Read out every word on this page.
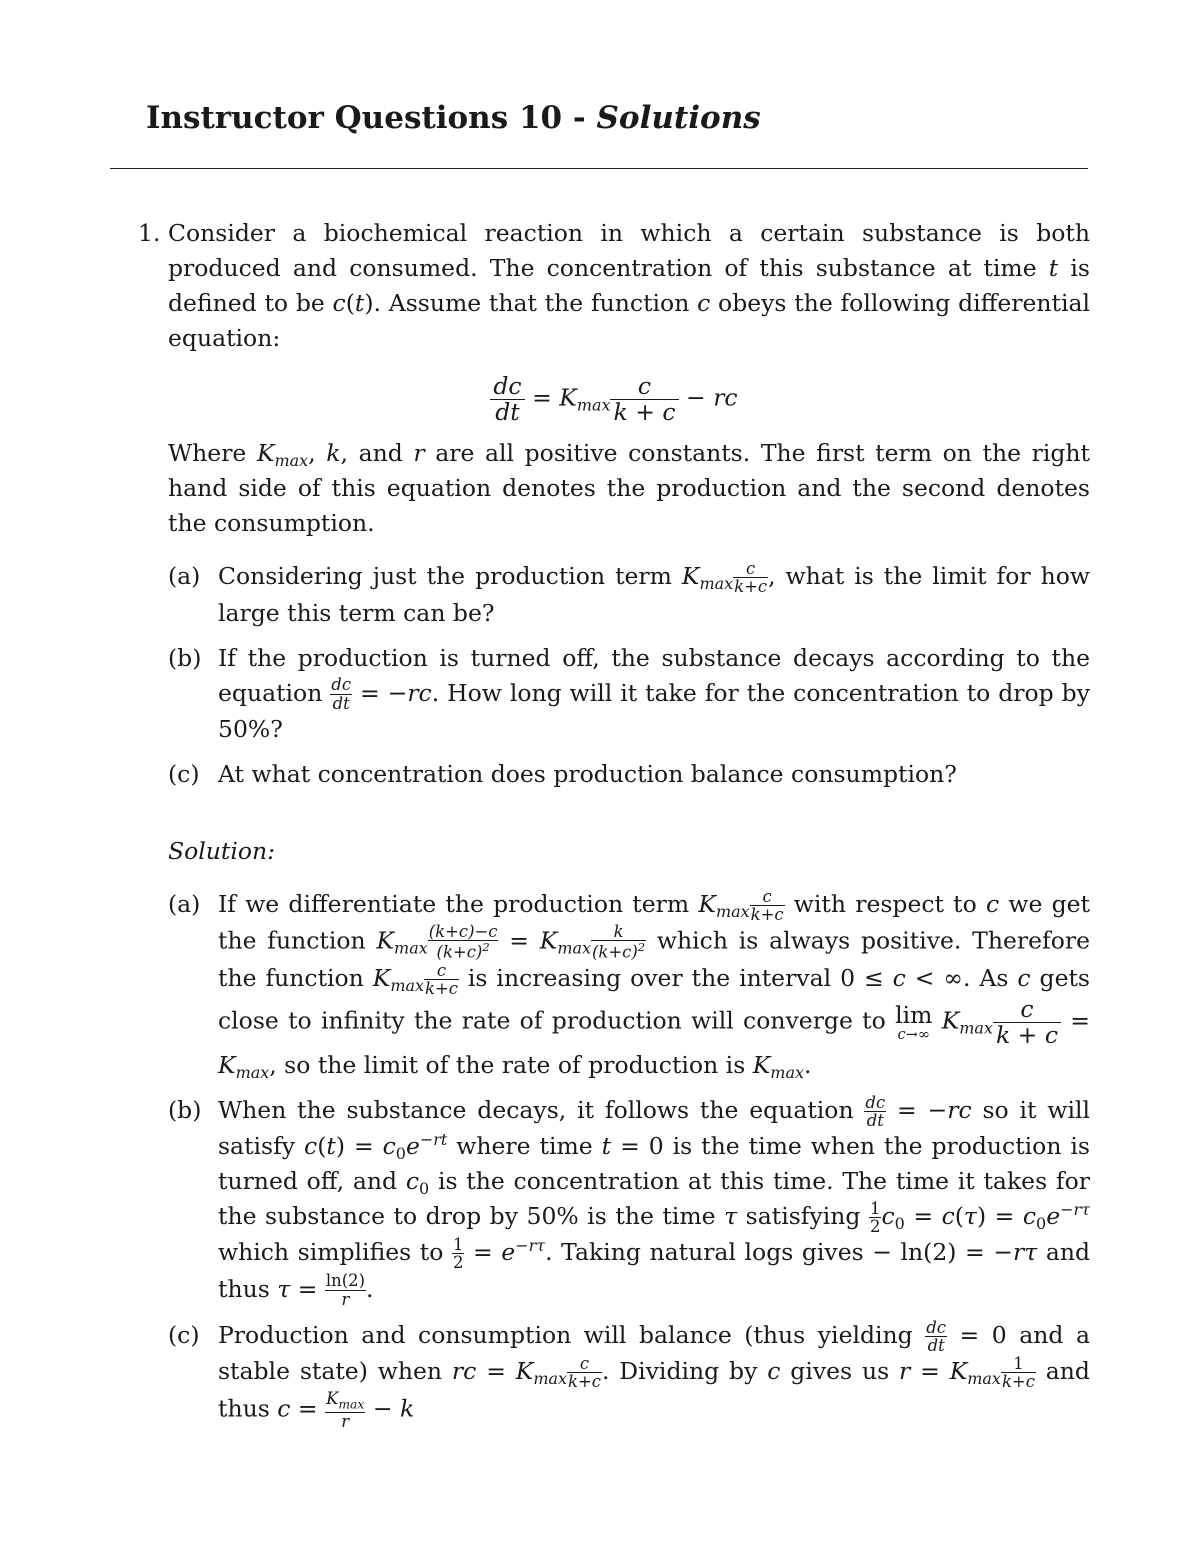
Instructor Questions 10 - Solutions
1. Consider a biochemical reaction in which a certain substance is both produced and consumed. The concentration of this substance at time t is defined to be c(t). Assume that the function c obeys the following differential equation:
$\frac{dc}{dt} = K_{max} \frac{c}{k + c}$ − rc

Where $K_{max}$, k, and r are all positive constants. The first term on the right hand side of this equation denotes the production and the second denotes the consumption.

(a) Considering just the production term $K_{max} \frac{c}{k+c}$ , what is the limit for how large this term can be?
(b) If the production is turned off, the substance decays according to the equation $\frac{dc}{dt} = -rc$. How long will it take for the concentration to drop by 50%?
(c) At what concentration does production balance consumption?

Solution:

(a) If we differentiate the production term $K_{max} \frac{c}{k+c}$ with respect to c we get the function $K_{max} \frac{(k+c)-c}{(k+c)^2} = K_{max} \frac{k}{(k+c)^2}$ which is always positive. Therefore the function $K_{max} \frac{c}{k+c}$ is increasing over the interval 0 ≤ c < ∞. As c gets close to infinity the rate of production will converge to lim
c→∞ $K_{max} \frac{c}{k + c} = K_{max}$, so the limit of the rate of production is $K_{max}$.
(b) When the substance decays, it follows the equation $\frac{dc}{dt} = -rc$ so it will satisfy $c(t) = c_0e^{-rt}$ where time t = 0 is the time when the production is turned off, and $c_0$ is the concentration at this time. The time it takes for the substance to drop by 50% is the time τ satisfying $\frac{1}{2} c_0 = c(\tau) = c_0e^{-r\tau}$ which simplifies to $\frac{1}{2} = e^{-r\tau}$. Taking natural logs gives − ln(2) = −rτ and thus $\tau = \frac{\ln(2)}{r}$ .
(c) Production and consumption will balance (thus yielding $\frac{dc}{dt} = 0$ and a stable state) when rc = $K_{max} \frac{c}{k+c}$ . Dividing by c gives us $r = K_{max} \frac{1}{k+c}$ and thus $c = \frac{K_{max}}{r} - k$
